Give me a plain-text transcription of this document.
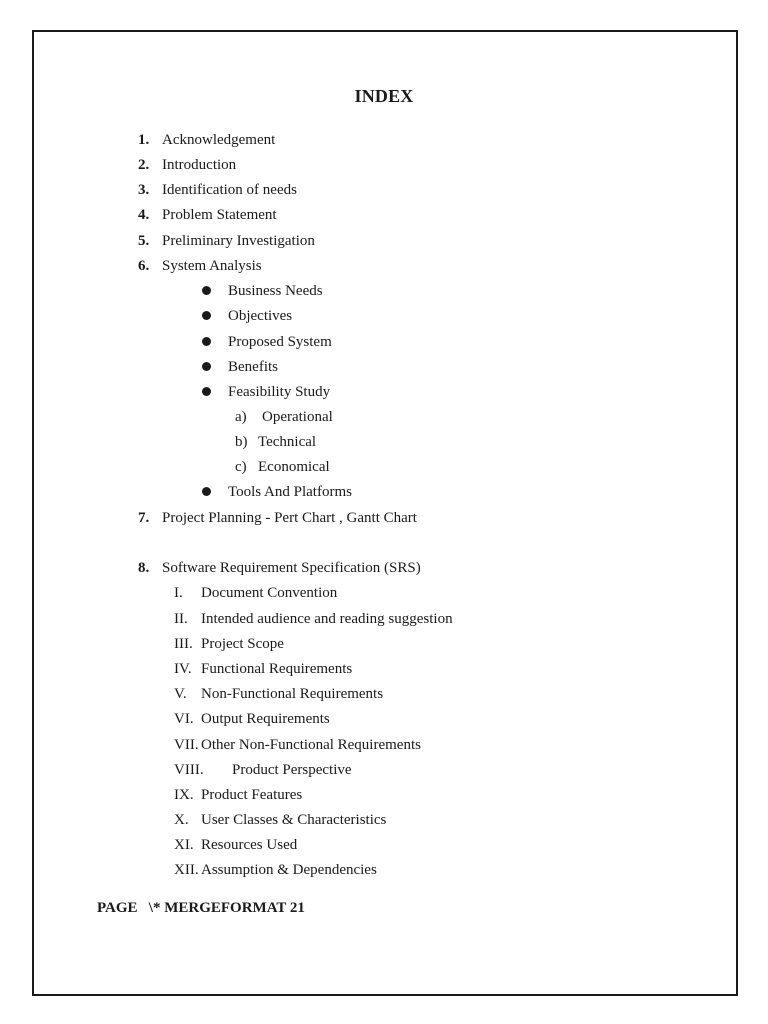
INDEX
1. Acknowledgement
2. Introduction
3. Identification of needs
4. Problem Statement
5. Preliminary Investigation
6. System Analysis
Business Needs
Objectives
Proposed System
Benefits
Feasibility Study
a) Operational
b) Technical
c) Economical
Tools And Platforms
7. Project Planning - Pert Chart , Gantt Chart
8. Software Requirement Specification (SRS)
I. Document Convention
II. Intended audience and reading suggestion
III. Project Scope
IV. Functional Requirements
V. Non-Functional Requirements
VI. Output Requirements
VII. Other Non-Functional Requirements
VIII. Product Perspective
IX. Product Features
X. User Classes & Characteristics
XI. Resources Used
XII. Assumption & Dependencies
PAGE   \* MERGEFORMAT 21
